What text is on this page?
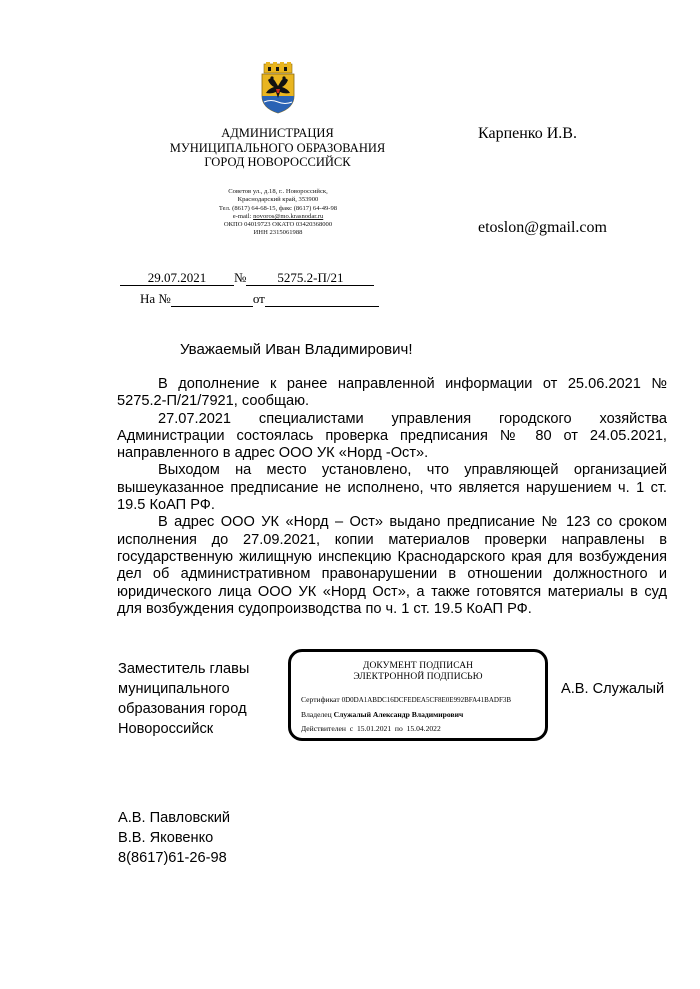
АДМИНИСТРАЦИЯ
МУНИЦИПАЛЬНОГО ОБРАЗОВАНИЯ
ГОРОД НОВОРОССИЙСК
Советов ул., д.18, г.. Новороссийск,
Краснодарский край, 353900
Тел. (8617) 64-68-15, факс (8617) 64-49-98
e-mail: novoros@mo.krasnodar.ru
ОКПО 04019723 ОКАТО 03420368000
ИНН 2315061988
29.07.2021 № 5275.2-П/21
На №	от
Карпенко И.В.
etoslon@gmail.com
Уважаемый Иван Владимирович!

В дополнение к ранее направленной информации от 25.06.2021 № 5275.2-П/21/7921, сообщаю.

27.07.2021 специалистами управления городского хозяйства Администрации состоялась проверка предписания № 80 от 24.05.2021, направленного в адрес ООО УК «Норд -Ост».

Выходом на место установлено, что управляющей организацией вышеуказанное предписание не исполнено, что является нарушением ч. 1 ст. 19.5 КоАП РФ.

В адрес ООО УК «Норд – Ост» выдано предписание № 123 со сроком исполнения до 27.09.2021, копии материалов проверки направлены в государственную жилищную инспекцию Краснодарского края для возбуждения дел об административном правонарушении в отношении должностного и юридического лица ООО УК «Норд Ост», а также готовятся материалы в суд для возбуждения судопроизводства по ч. 1 ст. 19.5 КоАП РФ.

Заместитель главы
муниципального
образования город
Новороссийск
ДОКУМЕНТ ПОДПИСАН
ЭЛЕКТРОННОЙ ПОДПИСЬЮ
Сертификат 0D0DA1ABDC16DCFEDEA5CF8E0E992BFA41BADF3B
Владелец Служалый Александр Владимирович
Действителен с 15.01.2021 по 15.04.2022
А.В. Служалый
А.В. Павловский
В.В. Яковенко
8(8617)61-26-98
